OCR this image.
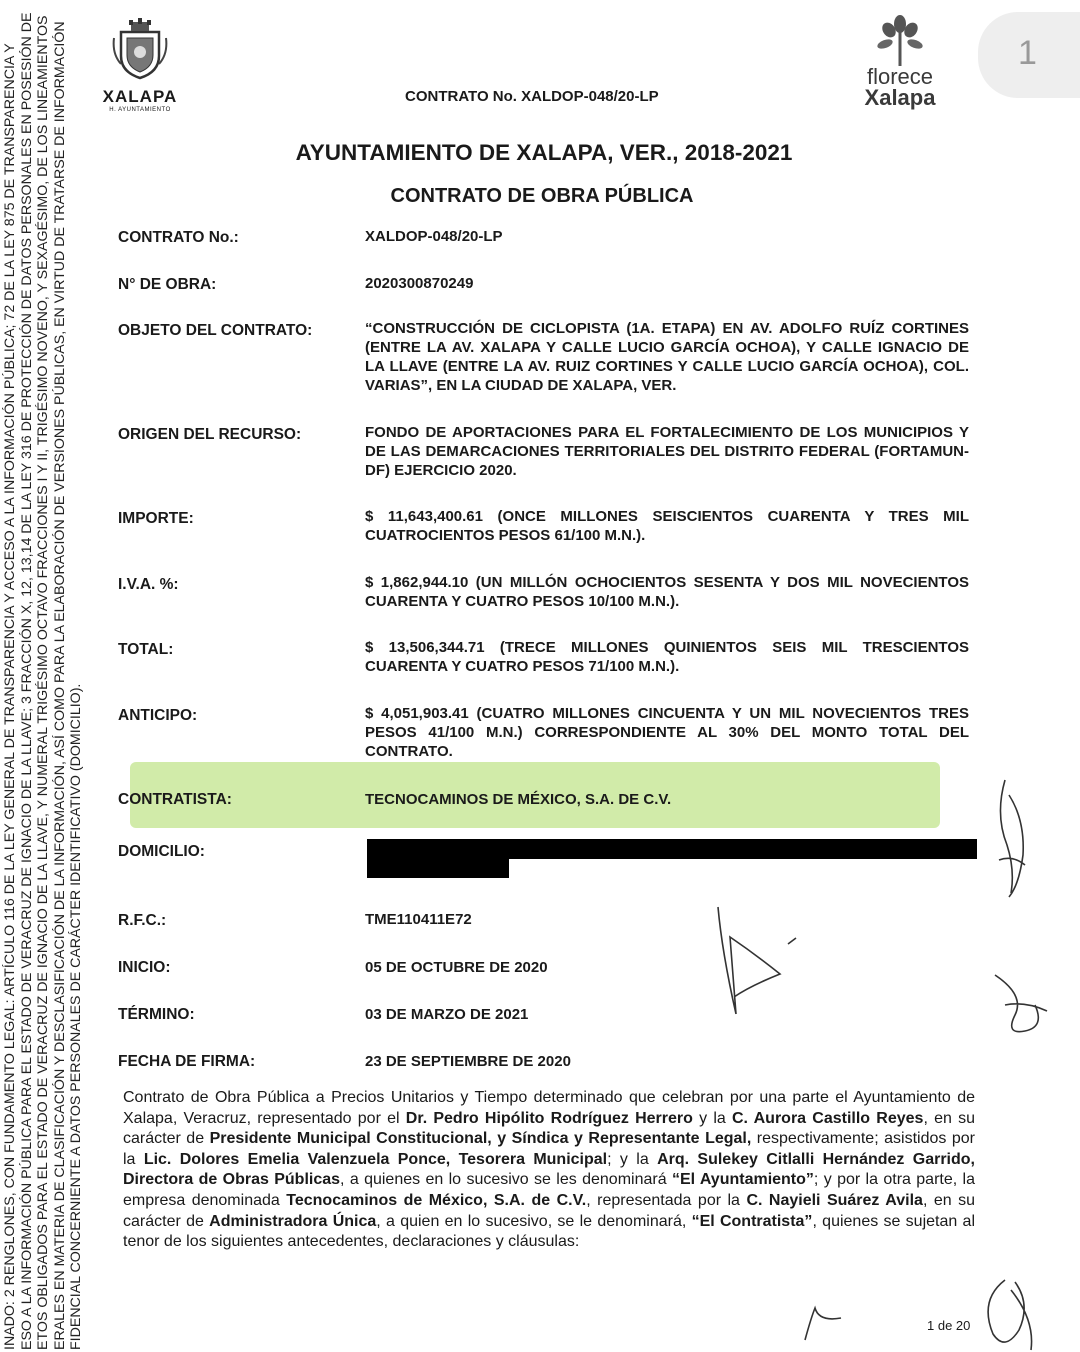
INADO: 2 RENGLONES, CON FUNDAMENTO LEGAL: ARTÍCULO 116 DE LA LEY GENERAL DE TRANSPARENCIA Y ACCESO A LA INFORMACIÓN PÚBLICA; 72 DE LA LEY 875 DE TRANSPARENCIA Y ESO A LA INFORMACIÓN PÚBLICA PARA EL ESTADO DE VERACRUZ DE IGNACIO DE LA LLAVE; 3 FRACCIÓN X, 12, 13,14 DE LA LEY 316 DE PROTECCIÓN DE DATOS PERSONALES EN POSESIÓN DE ETOS OBLIGADOS PARA EL ESTADO DE VERACRUZ DE IGNACIO DE LA LLAVE, Y NUMERAL TRIGÉSIMO OCTAVO FRACCIONES I Y II, TRIGÉSIMO NOVENO, Y SEXAGÉSIMO, DE LOS LINEAMIENTOS ERALES EN MATERIA DE CLASIFICACIÓN Y DESCLASIFICACIÓN DE LA INFORMACIÓN, ASÍ COMO PARA LA ELABORACIÓN DE VERSIONES PÚBLICAS, EN VIRTUD DE TRATARSE DE INFORMACIÓN FIDENCIAL CONCERNIENTE A DATOS PERSONALES DE CARÁCTER IDENTIFICATIVO (DOMICILIO).
XALAPA
H. AYUNTAMIENTO
CONTRATO No. XALDOP-048/20-LP
florece
Xalapa
1
AYUNTAMIENTO DE XALAPA, VER., 2018-2021
CONTRATO DE OBRA PÚBLICA
CONTRATO No.:	XALDOP-048/20-LP
N° DE OBRA:	2020300870249
OBJETO DEL CONTRATO:	“CONSTRUCCIÓN DE CICLOPISTA (1A. ETAPA) EN AV. ADOLFO RUÍZ CORTINES (ENTRE LA AV. XALAPA Y CALLE LUCIO GARCÍA OCHOA), Y CALLE IGNACIO DE LA LLAVE (ENTRE LA AV. RUIZ CORTINES Y CALLE LUCIO GARCÍA OCHOA), COL. VARIAS”, EN LA CIUDAD DE XALAPA, VER.
ORIGEN DEL RECURSO:	FONDO DE APORTACIONES PARA EL FORTALECIMIENTO DE LOS MUNICIPIOS Y DE LAS DEMARCACIONES TERRITORIALES DEL DISTRITO FEDERAL (FORTAMUN-DF) EJERCICIO 2020.
IMPORTE:	$ 11,643,400.61 (ONCE MILLONES SEISCIENTOS CUARENTA Y TRES MIL CUATROCIENTOS PESOS 61/100 M.N.).
I.V.A. %:	$ 1,862,944.10 (UN MILLÓN OCHOCIENTOS SESENTA Y DOS MIL NOVECIENTOS CUARENTA Y CUATRO PESOS 10/100 M.N.).
TOTAL:	$ 13,506,344.71 (TRECE MILLONES QUINIENTOS SEIS MIL TRESCIENTOS CUARENTA Y CUATRO PESOS 71/100 M.N.).
ANTICIPO:	$ 4,051,903.41 (CUATRO MILLONES CINCUENTA Y UN MIL NOVECIENTOS TRES PESOS 41/100 M.N.) CORRESPONDIENTE AL 30% DEL MONTO TOTAL DEL CONTRATO.
CONTRATISTA:	TECNOCAMINOS DE MÉXICO, S.A. DE C.V.
DOMICILIO:
R.F.C.:	TME110411E72
INICIO:	05 DE OCTUBRE DE 2020
TÉRMINO:	03 DE MARZO DE 2021
FECHA DE FIRMA:	23 DE SEPTIEMBRE DE 2020
Contrato de Obra Pública a Precios Unitarios y Tiempo determinado que celebran por una parte el Ayuntamiento de Xalapa, Veracruz, representado por el Dr. Pedro Hipólito Rodríguez Herrero y la C. Aurora Castillo Reyes, en su carácter de Presidente Municipal Constitucional, y Síndica y Representante Legal, respectivamente; asistidos por la Lic. Dolores Emelia Valenzuela Ponce, Tesorera Municipal; y la Arq. Sulekey Citlalli Hernández Garrido, Directora de Obras Públicas, a quienes en lo sucesivo se les denominará “El Ayuntamiento”; y por la otra parte, la empresa denominada Tecnocaminos de México, S.A. de C.V., representada por la C. Nayieli Suárez Avila, en su carácter de Administradora Única, a quien en lo sucesivo, se le denominará, “El Contratista”, quienes se sujetan al tenor de los siguientes antecedentes, declaraciones y cláusulas:
1 de 20
